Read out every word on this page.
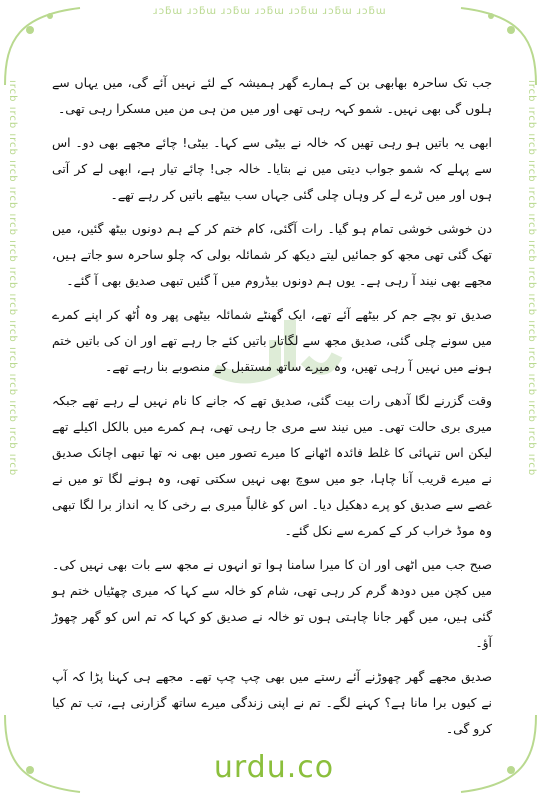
ɹɔƃɯ ɹɔƃɯ ɹɔƃɯ ɹɔƃɯ ɹɔƃɯ ɹɔƃɯ ɹɔƃɯ
ırcb ırcb ırcb ırcb ırcb ırcb ırcb ırcb ırcb ırcb ırcb ırcb ırcb ırcb ırcb	ırcb ırcb ırcb ırcb ırcb ırcb ırcb ırcb ırcb ırcb ırcb ırcb ırcb ırcb ırcb

جب تک ساحرہ بھابھی بن کے ہمارے گھر ہمیشہ کے لئے نہیں آئے گی، میں یہاں سے ہلوں گی بھی نہیں۔ شمو کہہ رہی تھی اور میں من ہی من میں مسکرا رہی تھی۔

ابھی یہ باتیں ہو رہی تھیں کہ خالہ نے بیٹی سے کہا۔ بیٹی! چائے مجھے بھی دو۔ اس سے پہلے کہ شمو جواب دیتی میں نے بتایا۔ خالہ جی! چائے تیار ہے، ابھی لے کر آتی ہوں اور میں ٹرے لے کر وہاں چلی گئی جہاں سب بیٹھے باتیں کر رہے تھے۔

دن خوشی خوشی تمام ہو گیا۔ رات آگئی، کام ختم کر کے ہم دونوں بیٹھ گئیں، میں تھک گئی تھی مجھ کو جمائیں لیتے دیکھ کر شمائلہ بولی کہ چلو ساحرہ سو جاتے ہیں، مجھے بھی نیند آ رہی ہے۔ یوں ہم دونوں بیڈروم میں آ گئیں تبھی صدیق بھی آ گئے۔

صدیق تو بچے جم کر بیٹھے آئے تھے، ایک گھنٹے شمائلہ بیٹھی پھر وہ اُٹھ کر اپنے کمرے میں سونے چلی گئی، صدیق مجھ سے لگاتار باتیں کئے جا رہے تھے اور ان کی باتیں ختم ہونے میں نہیں آ رہی تھیں، وہ میرے ساتھ مستقبل کے منصوبے بنا رہے تھے۔

وقت گزرنے لگا آدھی رات بیت گئی، صدیق تھے کہ جانے کا نام نہیں لے رہے تھے جبکہ میری بری حالت تھی۔ میں نیند سے مری جا رہی تھی، ہم کمرے میں بالکل اکیلے تھے لیکن اس تنہائی کا غلط فائدہ اٹھانے کا میرے تصور میں بھی نہ تھا تبھی اچانک صدیق نے میرے قریب آنا چاہا، جو میں سوچ بھی نہیں سکتی تھی، وہ ہونے لگا تو میں نے غصے سے صدیق کو پرے دھکیل دیا۔ اس کو غالباً میری بے رخی کا یہ انداز برا لگا تبھی وہ موڈ خراب کر کے کمرے سے نکل گئے۔

صبح جب میں اٹھی اور ان کا میرا سامنا ہوا تو انہوں نے مجھ سے بات بھی نہیں کی۔ میں کچن میں دودھ گرم کر رہی تھی، شام کو خالہ سے کہا کہ میری چھٹیاں ختم ہو گئی ہیں، میں گھر جانا چاہتی ہوں تو خالہ نے صدیق کو کہا کہ تم اس کو گھر چھوڑ آؤ۔

صدیق مجھے گھر چھوڑنے آئے رستے میں بھی چپ چپ تھے۔ مجھے ہی کہنا پڑا کہ آپ نے کیوں برا مانا ہے؟ کہنے لگے۔ تم نے اپنی زندگی میرے ساتھ گزارنی ہے، تب تم کیا کرو گی۔

urdu.co
